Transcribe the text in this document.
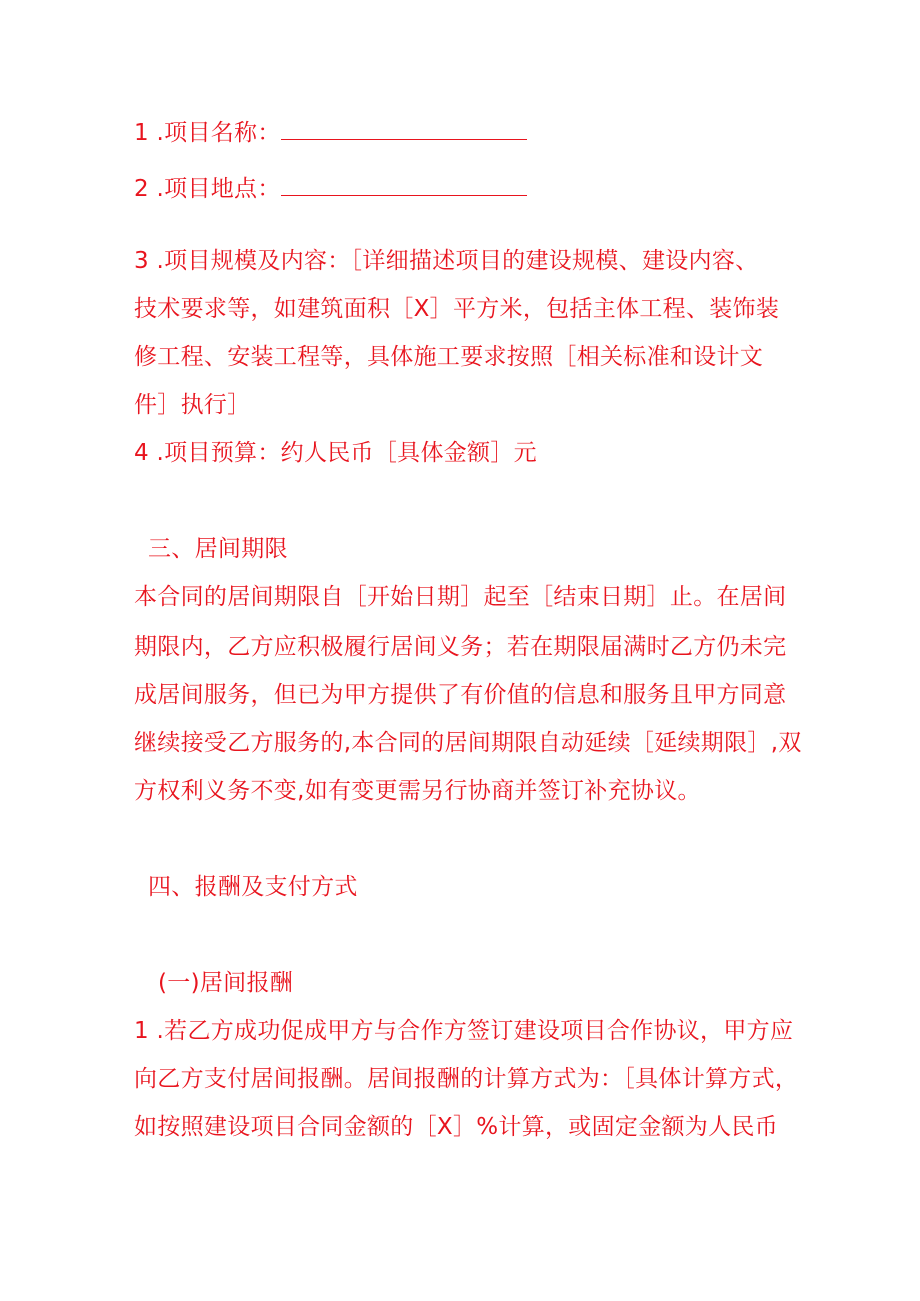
1 .项目名称：

2 .项目地点：

3 .项目规模及内容：［详细描述项目的建设规模、建设内容、

技术要求等，如建筑面积［X］平方米，包括主体工程、装饰装

修工程、安装工程等，具体施工要求按照［相关标准和设计文

件］执行］

4 .项目预算：约人民币［具体金额］元

三、居间期限

本合同的居间期限自［开始日期］起至［结束日期］止。在居间

期限内，乙方应积极履行居间义务；若在期限届满时乙方仍未完

成居间服务，但已为甲方提供了有价值的信息和服务且甲方同意

继续接受乙方服务的,本合同的居间期限自动延续［延续期限］,双

方权利义务不变,如有变更需另行协商并签订补充协议。

四、报酬及支付方式

(一)居间报酬

1 .若乙方成功促成甲方与合作方签订建设项目合作协议，甲方应

向乙方支付居间报酬。居间报酬的计算方式为：［具体计算方式，

如按照建设项目合同金额的［X］%计算，或固定金额为人民币
